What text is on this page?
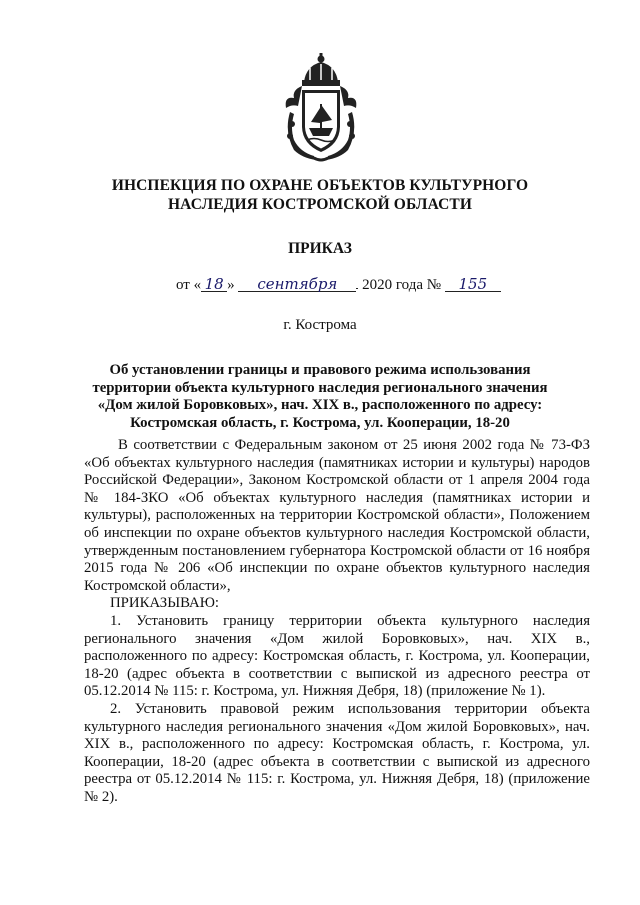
ИНСПЕКЦИЯ ПО ОХРАНЕ ОБЪЕКТОВ КУЛЬТУРНОГО
НАСЛЕДИЯ КОСТРОМСКОЙ ОБЛАСТИ
ПРИКАЗ
от « 18 » сентября 2020 года № 155
г. Кострома
Об установлении границы и правового режима использования
территории объекта культурного наследия регионального значения
«Дом жилой Боровковых», нач. XIX в., расположенного по адресу:
Костромская область, г. Кострома, ул. Кооперации, 18-20

В соответствии с Федеральным законом от 25 июня 2002 года № 73-ФЗ «Об объектах культурного наследия (памятниках истории и культуры) народов Российской Федерации», Законом Костромской области от 1 апреля 2004 года № 184-ЗКО «Об объектах культурного наследия (памятниках истории и культуры), расположенных на территории Костромской области», Положением об инспекции по охране объектов культурного наследия Костромской области, утвержденным постановлением губернатора Костромской области от 16 ноября 2015 года № 206 «Об инспекции по охране объектов культурного наследия Костромской области»,

ПРИКАЗЫВАЮ:

1. Установить границу территории объекта культурного наследия регионального значения «Дом жилой Боровковых», нач. XIX в., расположенного по адресу: Костромская область, г. Кострома, ул. Кооперации, 18-20 (адрес объекта в соответствии с выпиской из адресного реестра от 05.12.2014 № 115: г. Кострома, ул. Нижняя Дебря, 18) (приложение № 1).

2. Установить правовой режим использования территории объекта культурного наследия регионального значения «Дом жилой Боровковых», нач. XIX в., расположенного по адресу: Костромская область, г. Кострома, ул. Кооперации, 18-20 (адрес объекта в соответствии с выпиской из адресного реестра от 05.12.2014 № 115: г. Кострома, ул. Нижняя Дебря, 18) (приложение № 2).
